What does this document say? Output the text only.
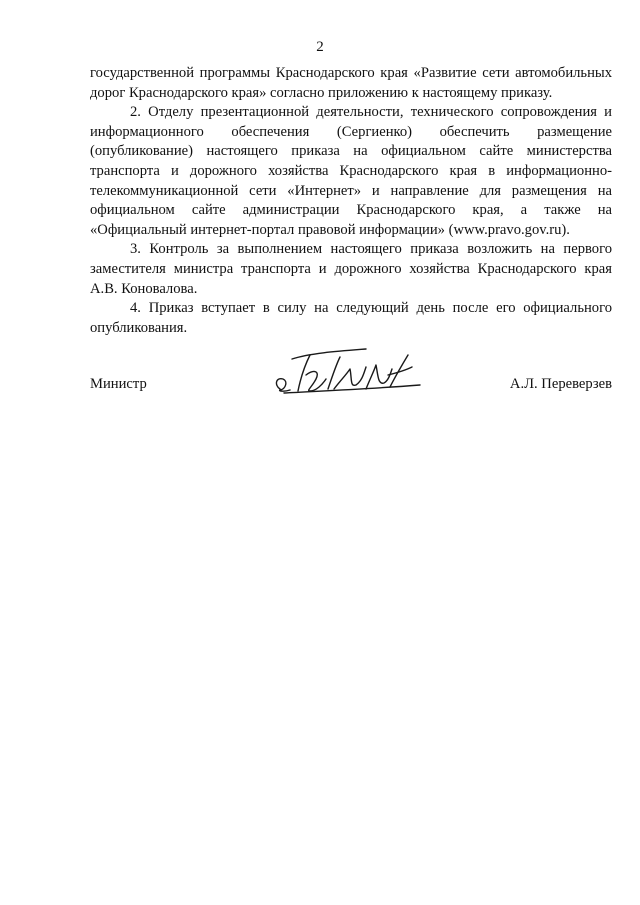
2

государственной программы Краснодарского края «Развитие сети автомобильных дорог Краснодарского края» согласно приложению к настоящему приказу.

2. Отделу презентационной деятельности, технического сопровождения и информационного обеспечения (Сергиенко) обеспечить размещение (опубликование) настоящего приказа на официальном сайте министерства транспорта и дорожного хозяйства Краснодарского края в информационно-телекоммуникационной сети «Интернет» и направление для размещения на официальном сайте администрации Краснодарского края, а также на «Официальный интернет-портал правовой информации» (www.pravo.gov.ru).

3. Контроль за выполнением настоящего приказа возложить на первого заместителя министра транспорта и дорожного хозяйства Краснодарского края А.В. Коновалова.

4. Приказ вступает в силу на следующий день после его официального опубликования.

Министр	А.Л. Переверзев
